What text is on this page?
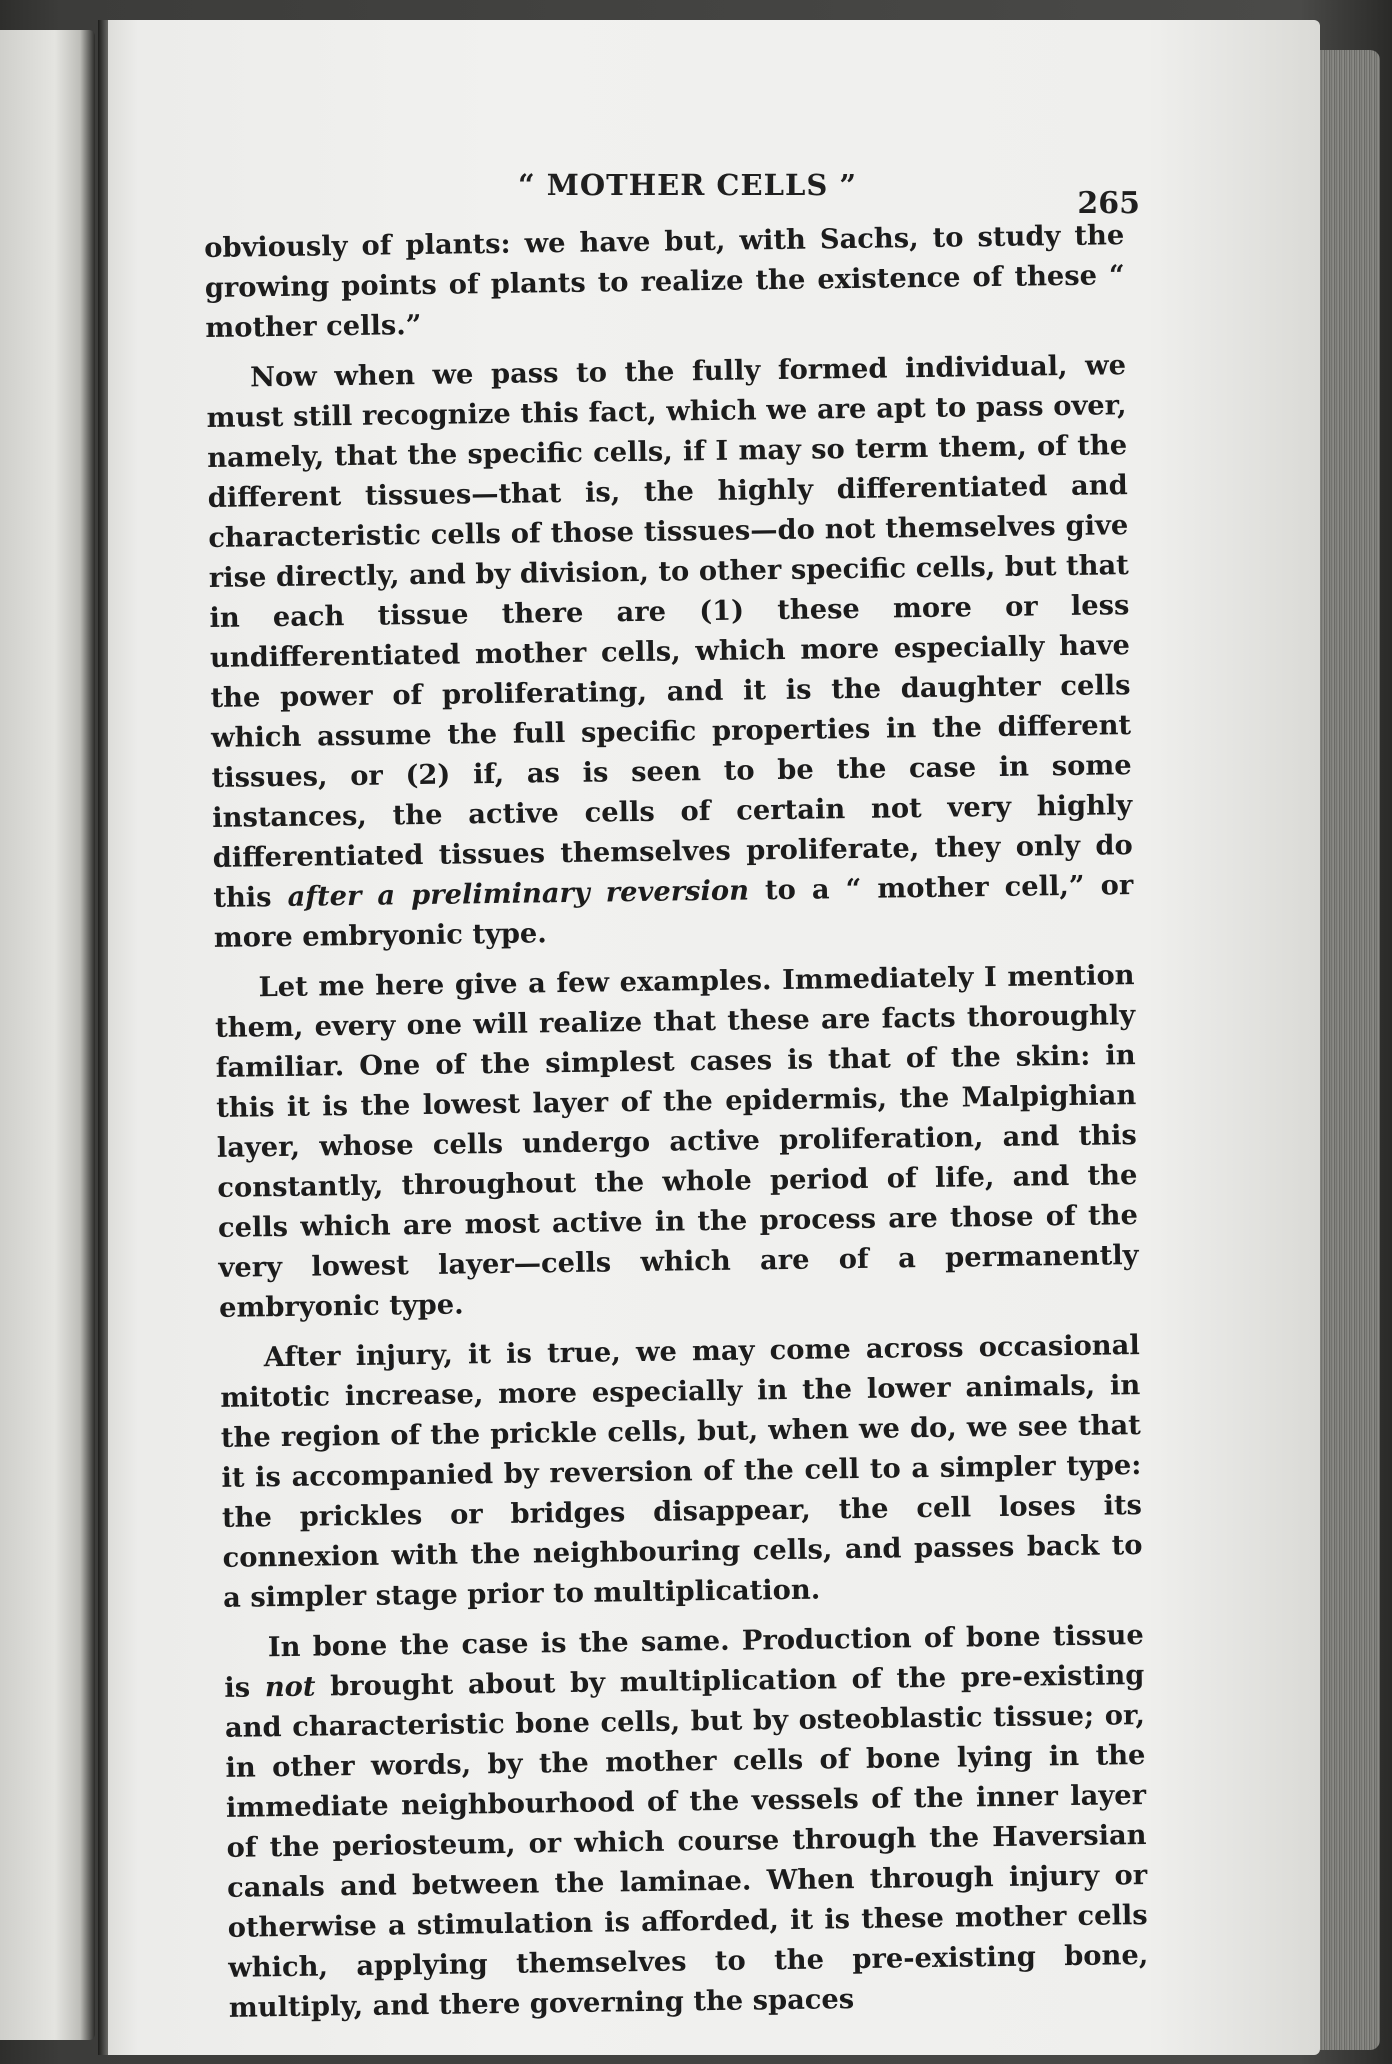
“ MOTHER CELLS ”
265

obviously of plants: we have but, with Sachs, to study the growing points of plants to realize the existence of these “ mother cells.”

Now when we pass to the fully formed individual, we must still recognize this fact, which we are apt to pass over, namely, that the specific cells, if I may so term them, of the different tissues—that is, the highly differentiated and characteristic cells of those tissues—do not themselves give rise directly, and by division, to other specific cells, but that in each tissue there are (1) these more or less undifferentiated mother cells, which more especially have the power of proliferating, and it is the daughter cells which assume the full specific properties in the different tissues, or (2) if, as is seen to be the case in some instances, the active cells of certain not very highly differentiated tissues themselves proliferate, they only do this after a preliminary reversion to a “ mother cell,” or more embryonic type.

Let me here give a few examples. Immediately I mention them, every one will realize that these are facts thoroughly familiar. One of the simplest cases is that of the skin: in this it is the lowest layer of the epidermis, the Malpighian layer, whose cells undergo active proliferation, and this constantly, throughout the whole period of life, and the cells which are most active in the process are those of the very lowest layer—cells which are of a permanently embryonic type.

After injury, it is true, we may come across occasional mitotic increase, more especially in the lower animals, in the region of the prickle cells, but, when we do, we see that it is accompanied by reversion of the cell to a simpler type: the prickles or bridges disappear, the cell loses its connexion with the neighbouring cells, and passes back to a simpler stage prior to multiplication.

In bone the case is the same. Production of bone tissue is not brought about by multiplication of the pre-existing and characteristic bone cells, but by osteoblastic tissue; or, in other words, by the mother cells of bone lying in the immediate neighbourhood of the vessels of the inner layer of the periosteum, or which course through the Haversian canals and between the laminae. When through injury or otherwise a stimulation is afforded, it is these mother cells which, applying themselves to the pre-existing bone, multiply, and there governing the spaces
